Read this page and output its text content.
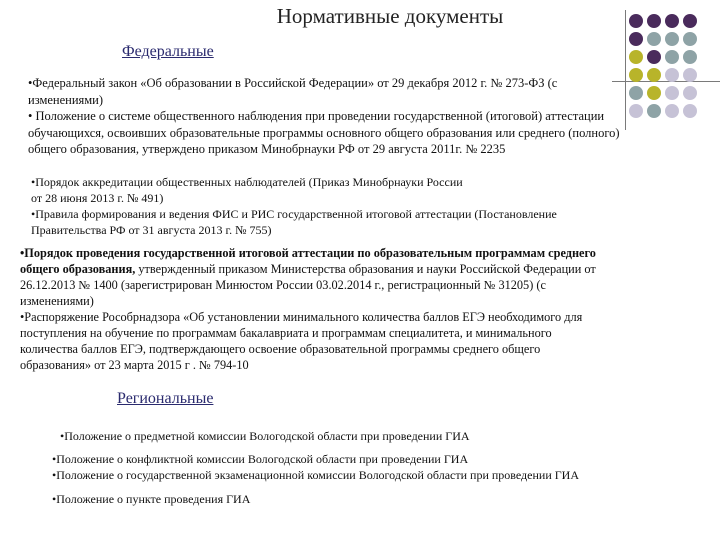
Нормативные документы
Федеральные
•Федеральный закон «Об образовании в Российской Федерации» от 29 декабря 2012 г. № 273-ФЗ (с
изменениями)
• Положение о системе общественного наблюдения при проведении государственной (итоговой) аттестации
обучающихся, освоивших образовательные программы основного общего образования или среднего (полного)
общего образования, утверждено приказом Минобрнауки РФ от 29 августа 2011г. № 2235
•Порядок аккредитации общественных наблюдателей (Приказ Минобрнауки России
от 28 июня 2013 г. № 491)
•Правила формирования и ведения ФИС и РИС государственной итоговой аттестации (Постановление
Правительства РФ от 31 августа 2013 г. № 755)
•Порядок проведения государственной итоговой аттестации по образовательным программам среднего
общего образования, утвержденный приказом Министерства образования и науки Российской Федерации от
26.12.2013 № 1400 (зарегистрирован Минюстом России 03.02.2014 г., регистрационный № 31205) (с
изменениями)
•Распоряжение Рособрнадзора «Об установлении минимального количества баллов ЕГЭ необходимого для
поступления на обучение по программам бакалавриата и программам специалитета, и минимального
количества баллов ЕГЭ, подтверждающего освоение образовательной программы среднего общего
образования» от 23 марта 2015 г . № 794-10
Региональные
•Положение о предметной комиссии Вологодской области при проведении ГИА
•Положение о конфликтной комиссии Вологодской области при проведении ГИА
•Положение о государственной экзаменационной комиссии Вологодской области при проведении ГИА
•Положение о пункте проведения ГИА
